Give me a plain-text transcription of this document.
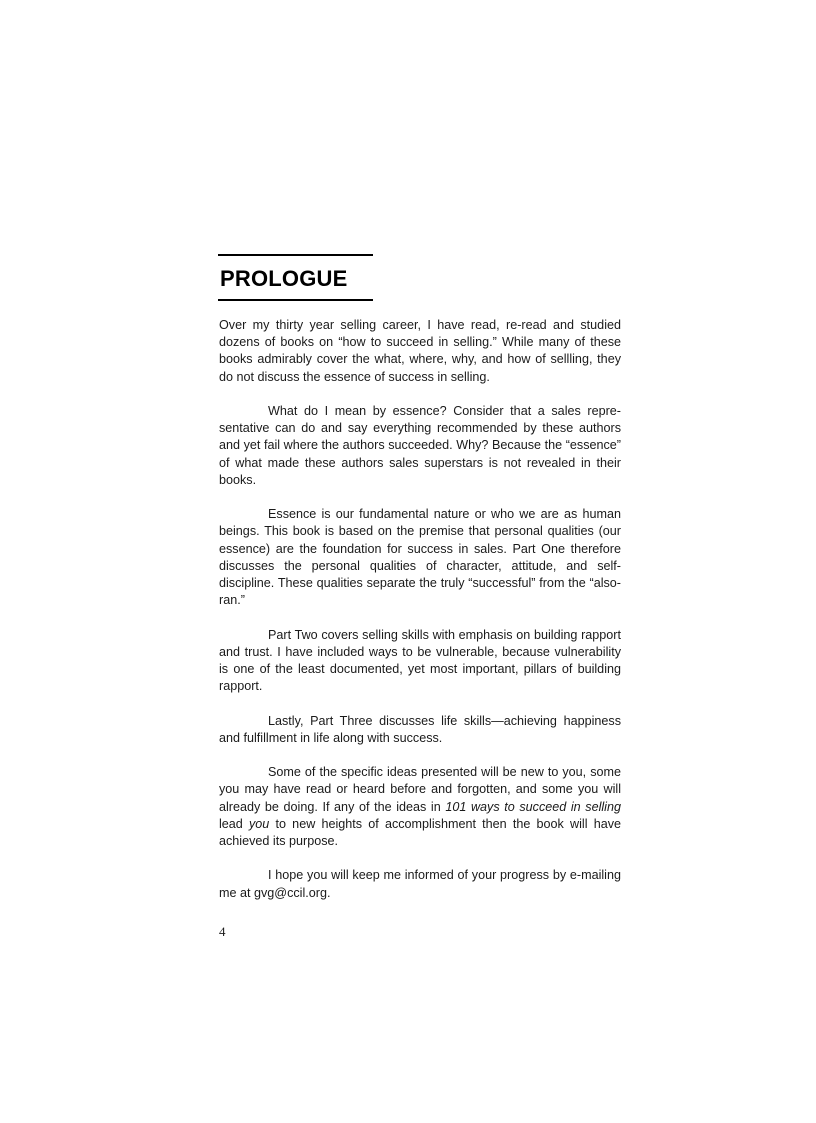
PROLOGUE

Over my thirty year selling career, I have read, re-read and studied dozens of books on “how to succeed in selling.” While many of these books admirably cover the what, where, why, and how of sellling, they do not discuss the essence of success in selling.

What do I mean by essence? Consider that a sales representative can do and say everything recommended by these authors and yet fail where the authors succeeded. Why? Because the “essence” of what made these authors sales superstars is not revealed in their books.

Essence is our fundamental nature or who we are as human beings. This book is based on the premise that personal qualities (our essence) are the foundation for success in sales. Part One therefore discusses the personal qualities of character, attitude, and self-discipline. These qualities separate the truly “successful” from the “also-ran.”

Part Two covers selling skills with emphasis on building rapport and trust. I have included ways to be vulnerable, because vulnerability is one of the least documented, yet most important, pillars of building rapport.

Lastly, Part Three discusses life skills—achieving happiness and fulfillment in life along with success.

Some of the specific ideas presented will be new to you, some you may have read or heard before and forgotten, and some you will already be doing. If any of the ideas in 101 ways to succeed in selling lead you to new heights of accomplishment then the book will have achieved its purpose.

I hope you will keep me informed of your progress by e-mailing me at gvg@ccil.org.

4
